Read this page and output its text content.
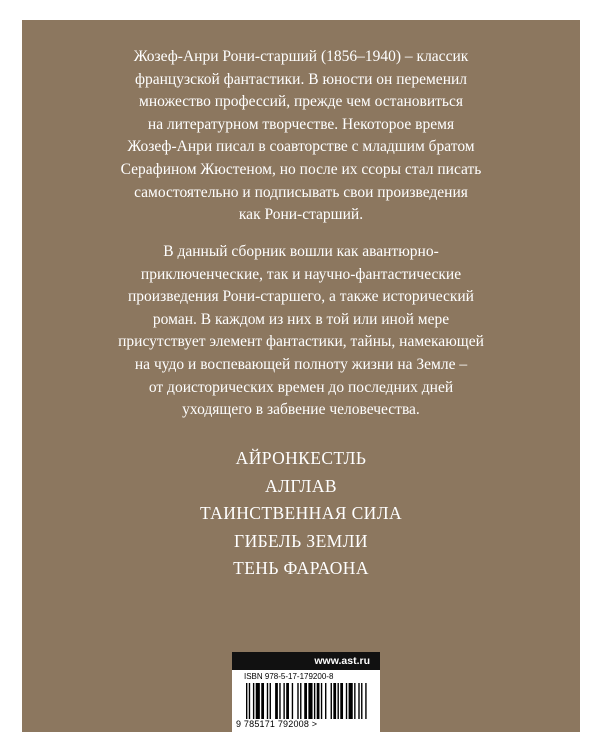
Жозеф-Анри Рони-старший (1856–1940) – классик
французской фантастики. В юности он переменил
множество профессий, прежде чем остановиться
на литературном творчестве. Некоторое время
Жозеф-Анри писал в соавторстве с младшим братом
Серафином Жюстеном, но после их ссоры стал писать
самостоятельно и подписывать свои произведения
как Рони-старший.
В данный сборник вошли как авантюрно-
приключенческие, так и научно-фантастические
произведения Рони-старшего, а также исторический
роман. В каждом из них в той или иной мере
присутствует элемент фантастики, тайны, намекающей
на чудо и воспевающей полноту жизни на Земле –
от доисторических времен до последних дней
уходящего в забвение человечества.
АЙРОНКЕСТЛЬ
АЛГЛАВ
ТАИНСТВЕННАЯ СИЛА
ГИБЕЛЬ ЗЕМЛИ
ТЕНЬ ФАРАОНА
www.ast.ru
ISBN 978-5-17-179200-8
9 785171 792008 >
